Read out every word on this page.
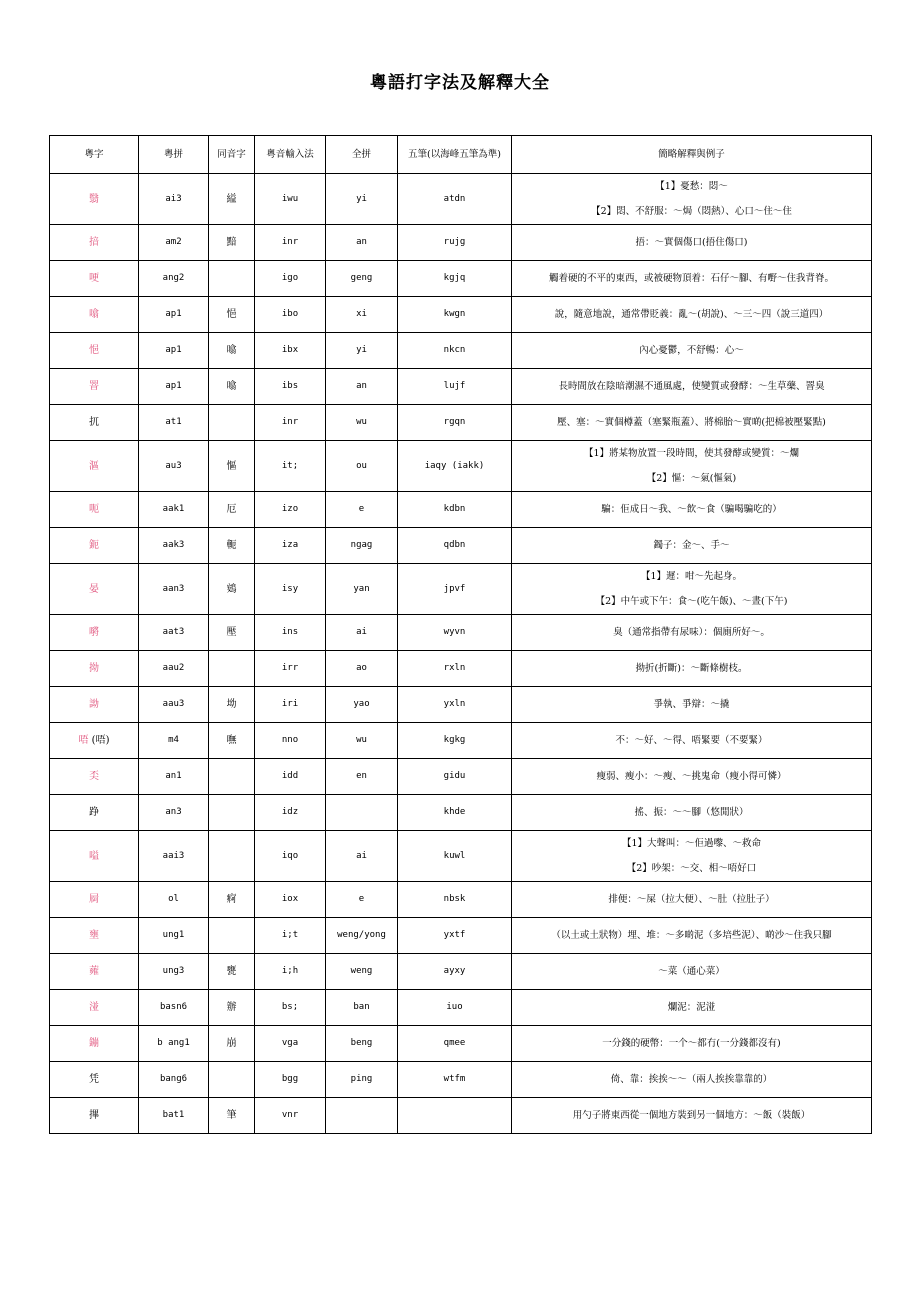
粵語打字法及解釋大全
粵字	粵拼	同音字	粵音輸入法	全拼	五筆(以海峰五筆為準)	簡略解釋與例子
翳	ai3	縊	iwu	yi	atdn	【1】憂愁：悶～
【2】悶、不舒服：～焗（悶熱）、心口～住～住

揞	am2	黯	inr	an	rujg	捂：～實個傷口(捂住傷口)

哽	ang2		igo	geng	kgjq	觸着硬的不平的東西，或被硬物頂着：石仔～腳、有嘢～住我背脊。

噏	ap1	悒	ibo	xi	kwgn	說，隨意地說，通常帶貶義：亂～(胡說)、～三～四（說三道四）

悒	ap1	噏	ibx	yi	nkcn	內心憂鬱，不舒暢：心～

罯	ap1	噏	ibs	an	lujf	長時間放在陰暗潮濕不通風處，使變質或發酵：～生草藥、罯臭

扤	at1		inr	wu	rgqn	壓、塞：～實個樽蓋（塞緊瓶蓋）、將棉胎～實啲(把棉被壓緊點)

漚	au3	慪	it;	ou	iaqy (iakk)	【1】將某物放置一段時間，使其發酵或變質：～爛
【2】慪：～氣(慪氣)

呃	aak1	厄	izo	e	kdbn	騙：佢成日～我、～飲～食（騙喝騙吃的）

鈪	aak3	軛	iza	ngag	qdbn	鐲子：金～、手～

晏	aan3	鴳	isy	yan	jpvf	【1】遲：咁～先起身。
【2】中午或下午：食～(吃午飯)、～晝(下午)

𡁷	aat3	壓	ins	ai	wyvn	臭（通常指帶有尿味）：個廁所好～。

拗	aau2		irr	ao	rxln	拗折(折斷)：～斷條樹枝。

詏	aau3	坳	iri	yao	yxln	爭執、爭辯：～撬

唔 (唔)	m4	嘸	nno	wu	kgkg	不：～好、～得、唔緊要（不要緊）

奀	an1		idd	en	gidu	瘦弱、瘦小：～瘦、～挑鬼命（瘦小得可憐）

踭	an3		idz		khde	搖、振：～～腳（悠閒狀）

嗌	aai3		iqo	ai	kuwl	【1】大聲叫：～佢過嚟、～救命
【2】吵架：～交、相～唔好口

屙	ol	痾	iox	e	nbsk	排便：～屎（拉大便）、～肚（拉肚子）

壅	ung1		i;t	weng/yong	yxtf	（以土或土狀物）埋、堆：～多啲泥（多培些泥）、啲沙～住我只腳

蕹	ung3	甕	i;h	weng	ayxy	～菜（通心菜）

湴	basn6	辦	bs;	ban	iuo	爛泥：泥湴

鏰	b ang1	崩	vga	beng	qmee	一分錢的硬幣：一个～都冇(一分錢都沒有)

凭	bang6		bgg	ping	wtfm	倚、靠：挨挨～～（兩人挨挨靠靠的）

𢳂	bat1	筆	vnr			用勺子將東西從一個地方裝到另一個地方：～飯（裝飯）
